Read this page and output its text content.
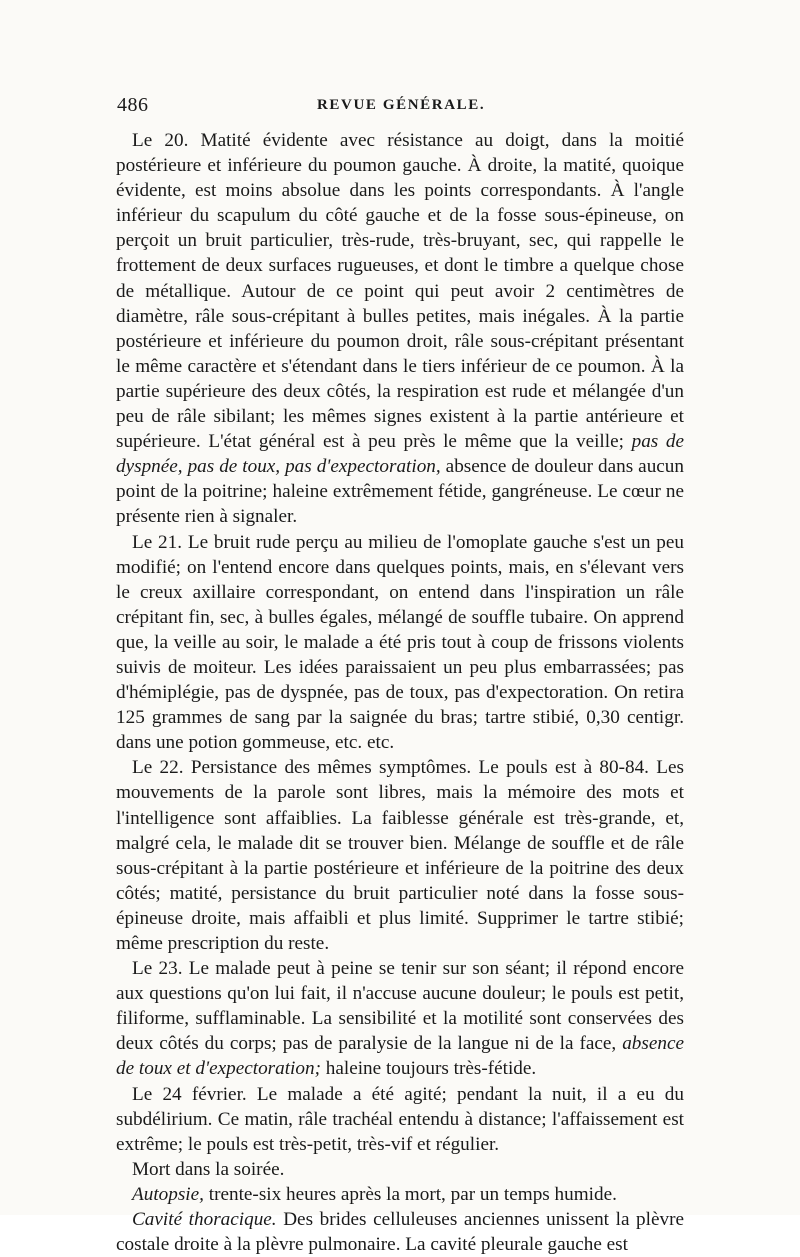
486	REVUE GÉNÉRALE.

Le 20. Matité évidente avec résistance au doigt, dans la moitié postérieure et inférieure du poumon gauche. À droite, la matité, quoique évidente, est moins absolue dans les points correspondants. À l'angle inférieur du scapulum du côté gauche et de la fosse sous-épineuse, on perçoit un bruit particulier, très-rude, très-bruyant, sec, qui rappelle le frottement de deux surfaces rugueuses, et dont le timbre a quelque chose de métallique. Autour de ce point qui peut avoir 2 centimètres de diamètre, râle sous-crépitant à bulles petites, mais inégales. À la partie postérieure et inférieure du poumon droit, râle sous-crépitant présentant le même caractère et s'étendant dans le tiers inférieur de ce poumon. À la partie supérieure des deux côtés, la respiration est rude et mélangée d'un peu de râle sibilant; les mêmes signes existent à la partie antérieure et supérieure. L'état général est à peu près le même que la veille; pas de dyspnée, pas de toux, pas d'expectoration, absence de douleur dans aucun point de la poitrine; haleine extrêmement fétide, gangréneuse. Le cœur ne présente rien à signaler.

Le 21. Le bruit rude perçu au milieu de l'omoplate gauche s'est un peu modifié; on l'entend encore dans quelques points, mais, en s'élevant vers le creux axillaire correspondant, on entend dans l'inspiration un râle crépitant fin, sec, à bulles égales, mélangé de souffle tubaire. On apprend que, la veille au soir, le malade a été pris tout à coup de frissons violents suivis de moiteur. Les idées paraissaient un peu plus embarrassées; pas d'hémiplégie, pas de dyspnée, pas de toux, pas d'expectoration. On retira 125 grammes de sang par la saignée du bras; tartre stibié, 0,30 centigr. dans une potion gommeuse, etc. etc.

Le 22. Persistance des mêmes symptômes. Le pouls est à 80-84. Les mouvements de la parole sont libres, mais la mémoire des mots et l'intelligence sont affaiblies. La faiblesse générale est très-grande, et, malgré cela, le malade dit se trouver bien. Mélange de souffle et de râle sous-crépitant à la partie postérieure et inférieure de la poitrine des deux côtés; matité, persistance du bruit particulier noté dans la fosse sous-épineuse droite, mais affaibli et plus limité. Supprimer le tartre stibié; même prescription du reste.

Le 23. Le malade peut à peine se tenir sur son séant; il répond encore aux questions qu'on lui fait, il n'accuse aucune douleur; le pouls est petit, filiforme, sufflaminable. La sensibilité et la motilité sont conservées des deux côtés du corps; pas de paralysie de la langue ni de la face, absence de toux et d'expectoration; haleine toujours très-fétide.

Le 24 février. Le malade a été agité; pendant la nuit, il a eu du subdélirium. Ce matin, râle trachéal entendu à distance; l'affaissement est extrême; le pouls est très-petit, très-vif et régulier.

Mort dans la soirée.

Autopsie, trente-six heures après la mort, par un temps humide.

Cavité thoracique. Des brides celluleuses anciennes unissent la plèvre costale droite à la plèvre pulmonaire. La cavité pleurale gauche est
